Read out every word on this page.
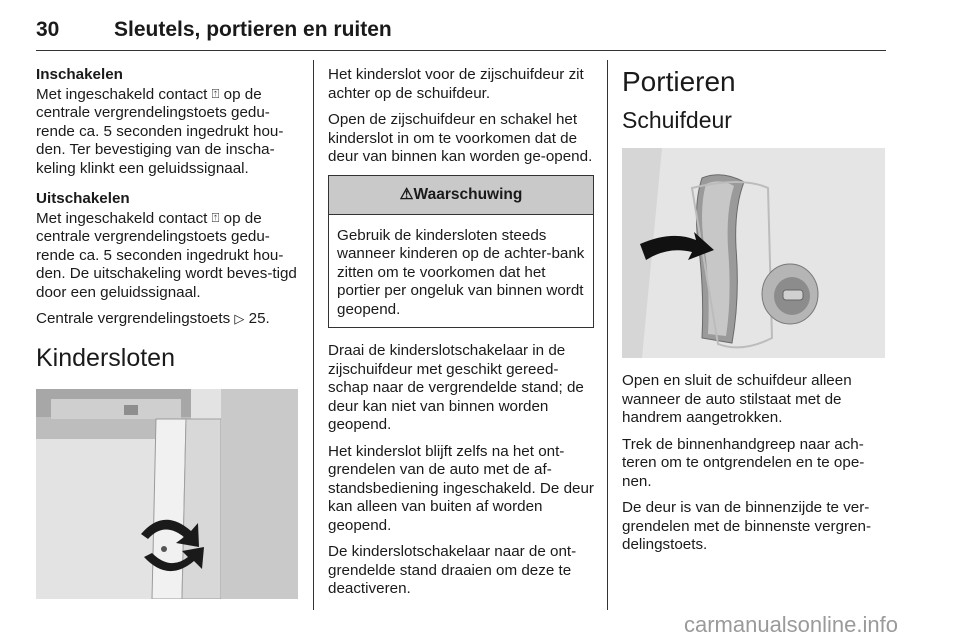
30	Sleutels, portieren en ruiten
Inschakelen

Met ingeschakeld contact ⍐ op de centrale vergrendelingstoets gedu-rende ca. 5 seconden ingedrukt hou-den. Ter bevestiging van de inscha-keling klinkt een geluidssignaal.

Uitschakelen

Met ingeschakeld contact ⍐ op de centrale vergrendelingstoets gedu-rende ca. 5 seconden ingedrukt hou-den. De uitschakeling wordt beves-tigd door een geluidssignaal.

Centrale vergrendelingstoets ▷ 25.

Kindersloten

Het kinderslot voor de zijschuifdeur zit achter op de schuifdeur.

Open de zijschuifdeur en schakel het kinderslot in om te voorkomen dat de deur van binnen kan worden ge-opend.

⚠Waarschuwing

Gebruik de kindersloten steeds wanneer kinderen op de achter-bank zitten om te voorkomen dat het portier per ongeluk van binnen wordt geopend.

Draai de kinderslotschakelaar in de zijschuifdeur met geschikt gereed-schap naar de vergrendelde stand; de deur kan niet van binnen worden geopend.

Het kinderslot blijft zelfs na het ont-grendelen van de auto met de af-standsbediening ingeschakeld. De deur kan alleen van buiten af worden geopend.

De kinderslotschakelaar naar de ont-grendelde stand draaien om deze te deactiveren.

Portieren
Schuifdeur

Open en sluit de schuifdeur alleen wanneer de auto stilstaat met de handrem aangetrokken.

Trek de binnenhandgreep naar ach-teren om te ontgrendelen en te ope-nen.

De deur is van de binnenzijde te ver-grendelen met de binnenste vergren-delingstoets.

carmanualsonline.info
